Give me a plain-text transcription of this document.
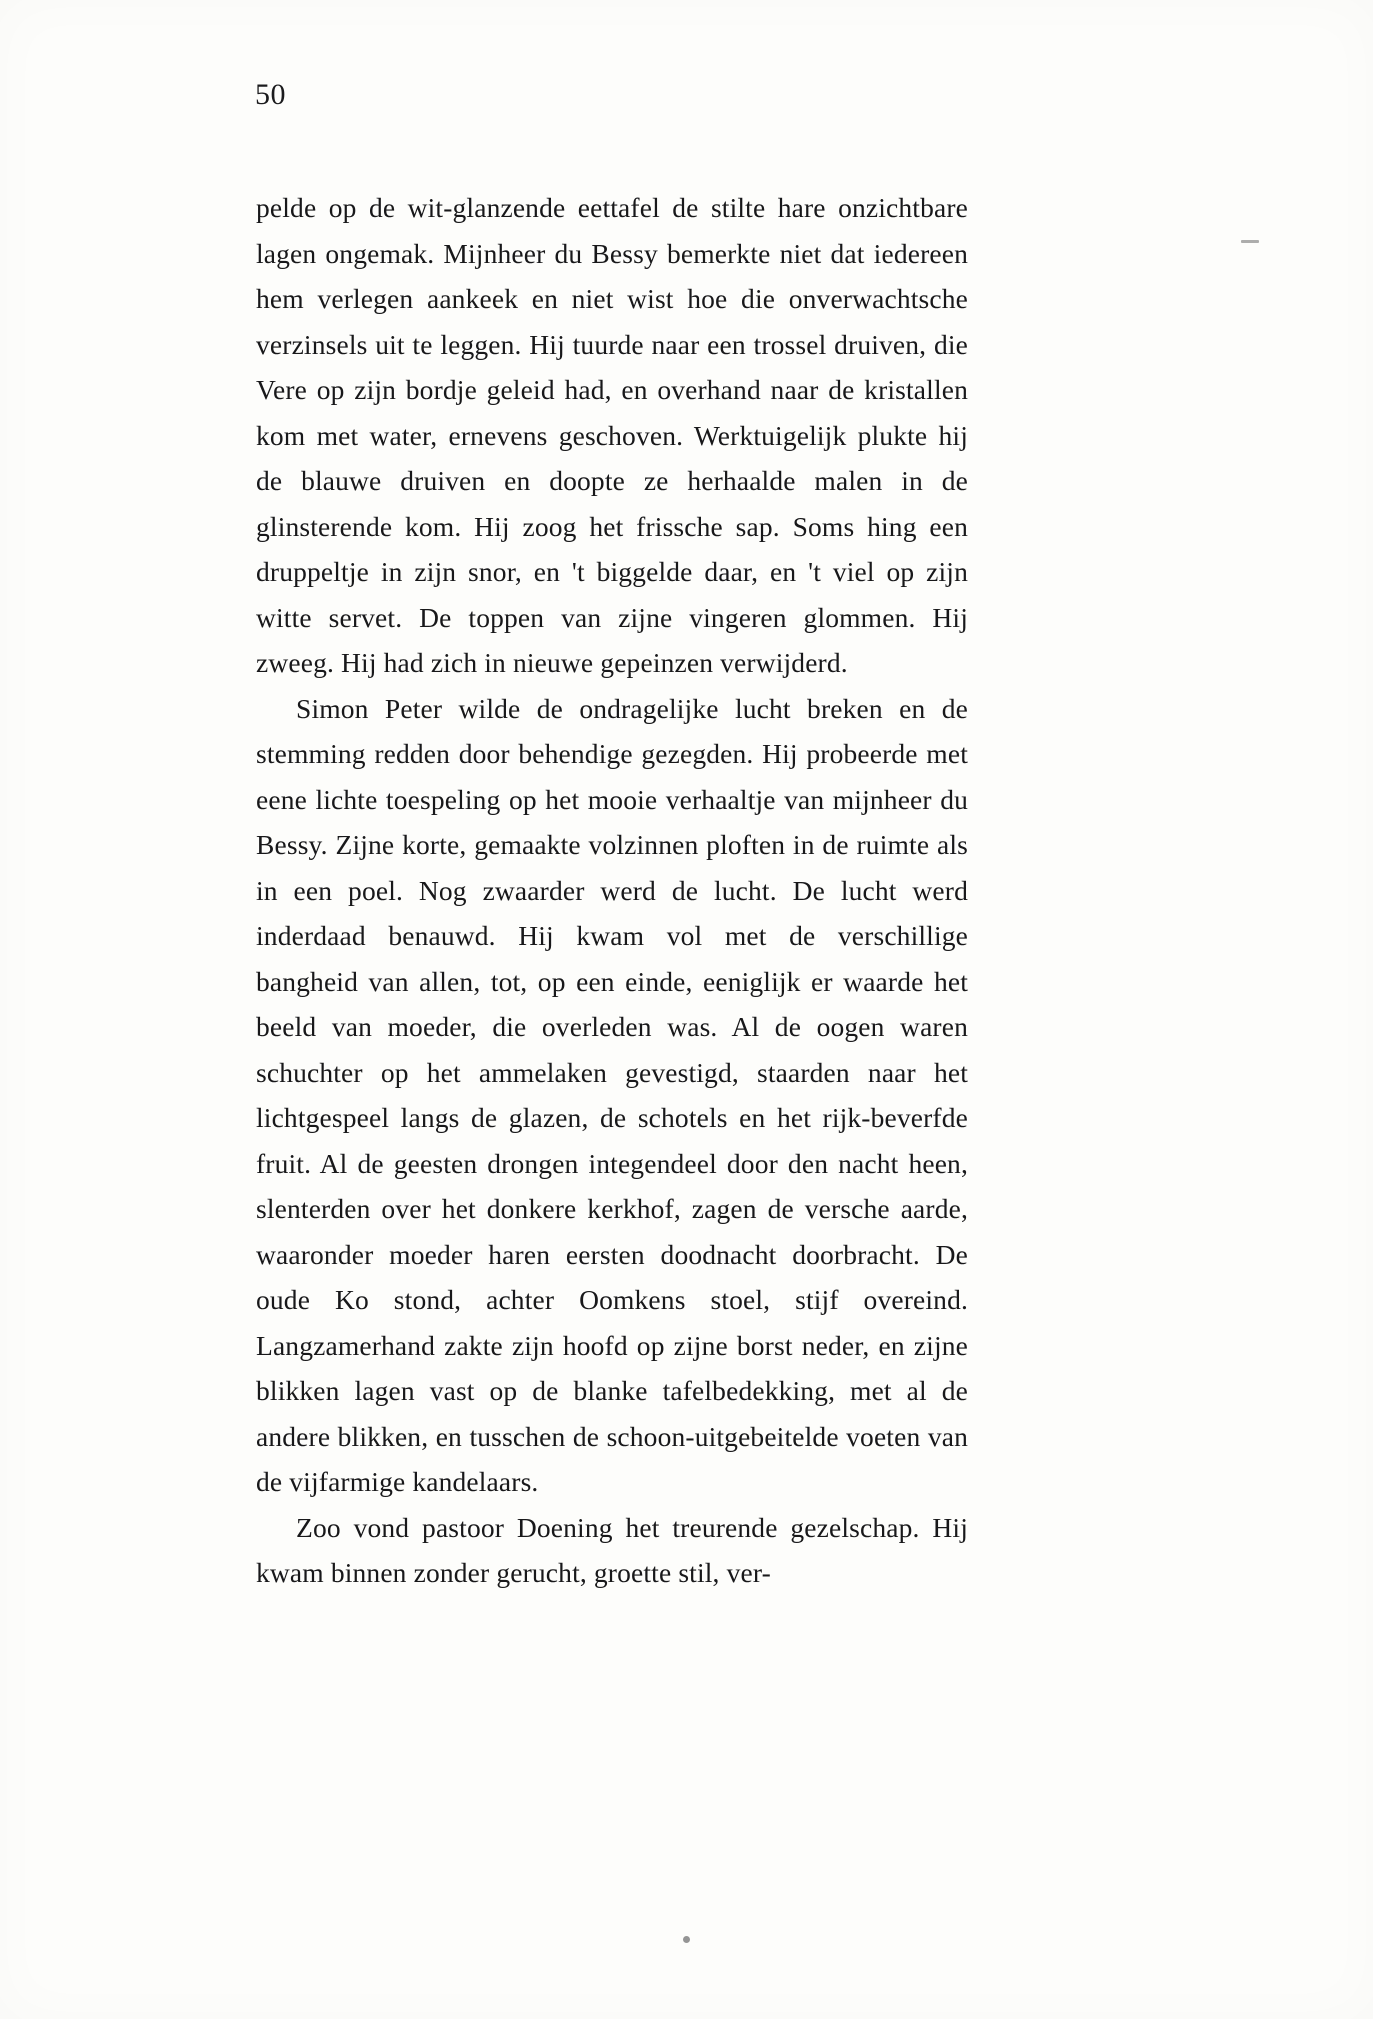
50

pelde op de wit-glanzende eettafel de stilte hare onzichtbare lagen ongemak. Mijnheer du Bessy bemerkte niet dat iedereen hem verlegen aankeek en niet wist hoe die onverwachtsche verzinsels uit te leggen. Hij tuurde naar een trossel druiven, die Vere op zijn bordje geleid had, en overhand naar de kristallen kom met water, ernevens geschoven. Werktuigelijk plukte hij de blauwe druiven en doopte ze herhaalde malen in de glinsterende kom. Hij zoog het frissche sap. Soms hing een druppeltje in zijn snor, en 't biggelde daar, en 't viel op zijn witte servet. De toppen van zijne vingeren glommen. Hij zweeg. Hij had zich in nieuwe gepeinzen verwijderd.

Simon Peter wilde de ondragelijke lucht breken en de stemming redden door behendige gezegden. Hij probeerde met eene lichte toespeling op het mooie verhaaltje van mijnheer du Bessy. Zijne korte, gemaakte volzinnen ploften in de ruimte als in een poel. Nog zwaarder werd de lucht. De lucht werd inderdaad benauwd. Hij kwam vol met de verschillige bangheid van allen, tot, op een einde, eeniglijk er waarde het beeld van moeder, die overleden was. Al de oogen waren schuchter op het ammelaken gevestigd, staarden naar het lichtgespeel langs de glazen, de schotels en het rijk-beverfde fruit. Al de geesten drongen integendeel door den nacht heen, slenterden over het donkere kerkhof, zagen de versche aarde, waaronder moeder haren eersten doodnacht doorbracht. De oude Ko stond, achter Oomkens stoel, stijf overeind. Langzamerhand zakte zijn hoofd op zijne borst neder, en zijne blikken lagen vast op de blanke tafelbedekking, met al de andere blikken, en tusschen de schoon-uitgebeitelde voeten van de vijfarmige kandelaars.

Zoo vond pastoor Doening het treurende gezelschap. Hij kwam binnen zonder gerucht, groette stil, ver-
